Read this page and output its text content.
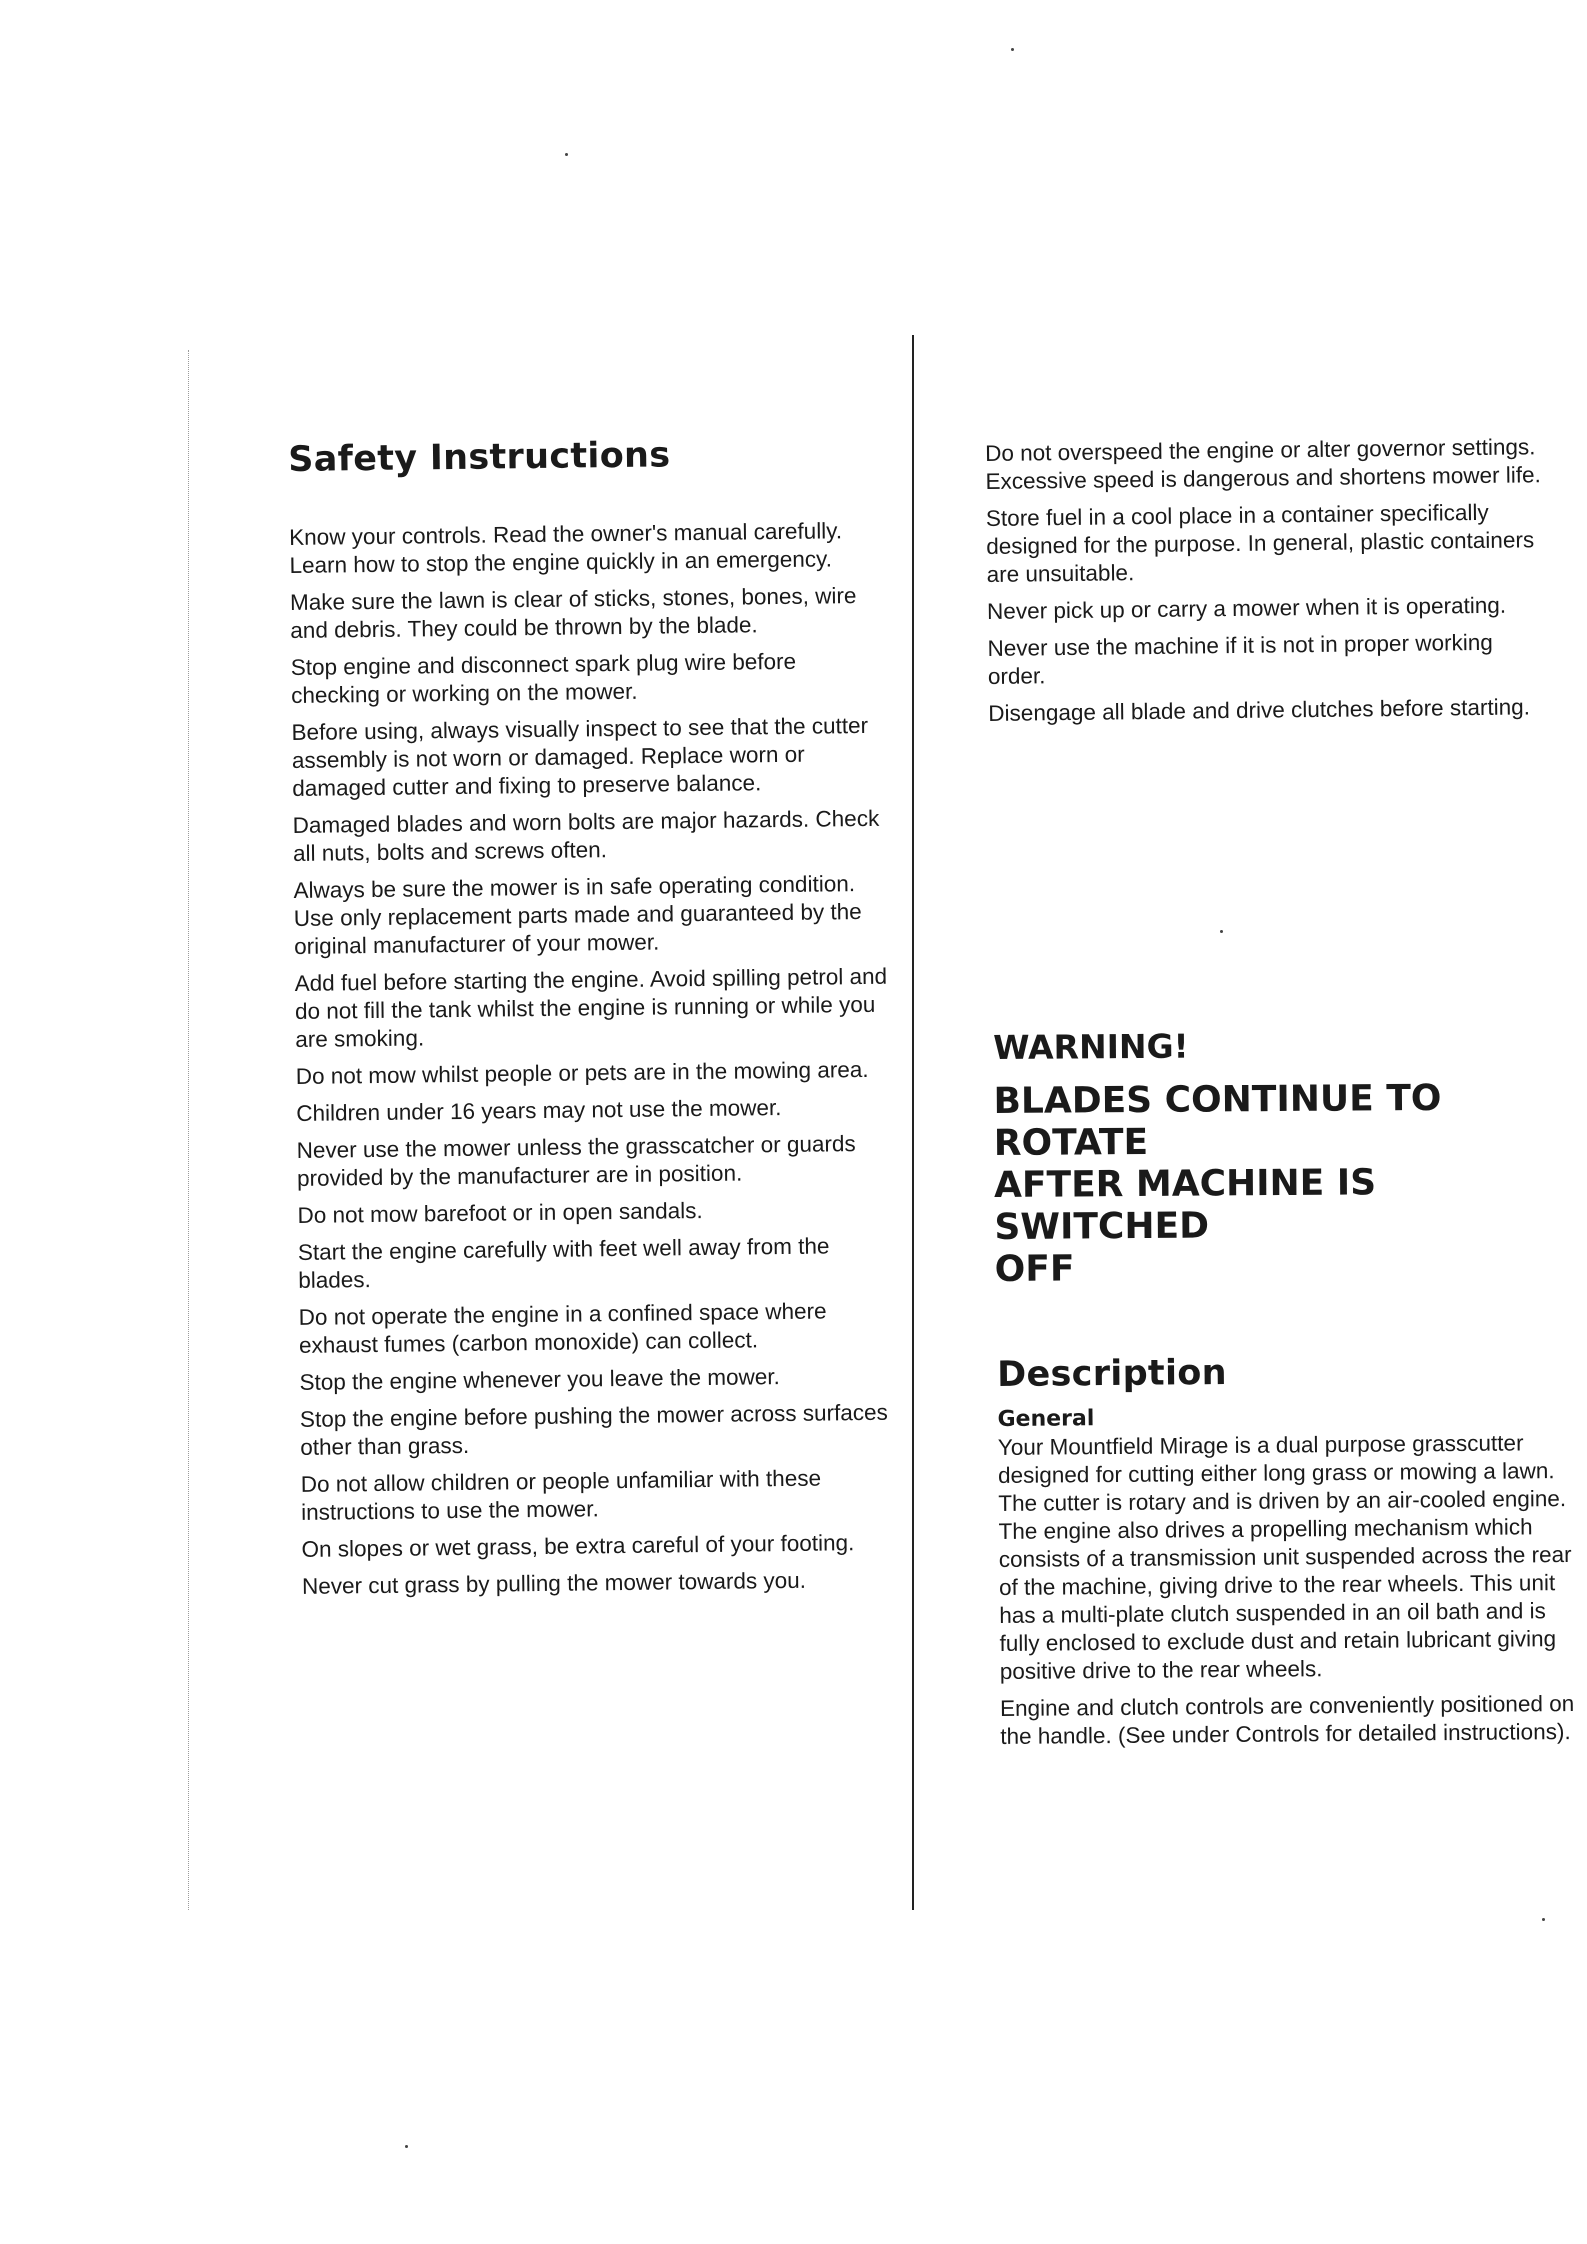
Safety Instructions

Know your controls. Read the owner's manual carefully. Learn how to stop the engine quickly in an emergency.

Make sure the lawn is clear of sticks, stones, bones, wire and debris. They could be thrown by the blade.

Stop engine and disconnect spark plug wire before checking or working on the mower.

Before using, always visually inspect to see that the cutter assembly is not worn or damaged. Replace worn or damaged cutter and fixing to preserve balance.

Damaged blades and worn bolts are major hazards. Check all nuts, bolts and screws often.

Always be sure the mower is in safe operating condition. Use only replacement parts made and guaranteed by the original manufacturer of your mower.

Add fuel before starting the engine. Avoid spilling petrol and do not fill the tank whilst the engine is running or while you are smoking.

Do not mow whilst people or pets are in the mowing area.

Children under 16 years may not use the mower.

Never use the mower unless the grasscatcher or guards provided by the manufacturer are in position.

Do not mow barefoot or in open sandals.

Start the engine carefully with feet well away from the blades.

Do not operate the engine in a confined space where exhaust fumes (carbon monoxide) can collect.

Stop the engine whenever you leave the mower.

Stop the engine before pushing the mower across surfaces other than grass.

Do not allow children or people unfamiliar with these instructions to use the mower.

On slopes or wet grass, be extra careful of your footing.

Never cut grass by pulling the mower towards you.

Do not overspeed the engine or alter governor settings. Excessive speed is dangerous and shortens mower life.

Store fuel in a cool place in a container specifically designed for the purpose. In general, plastic containers are unsuitable.

Never pick up or carry a mower when it is operating.

Never use the machine if it is not in proper working order.

Disengage all blade and drive clutches before starting.

WARNING!
BLADES CONTINUE TO ROTATE
AFTER MACHINE IS SWITCHED
OFF
Description
General

Your Mountfield Mirage is a dual purpose grasscutter designed for cutting either long grass or mowing a lawn. The cutter is rotary and is driven by an air-cooled engine. The engine also drives a propelling mechanism which consists of a transmission unit suspended across the rear of the machine, giving drive to the rear wheels. This unit has a multi-plate clutch suspended in an oil bath and is fully enclosed to exclude dust and retain lubricant giving positive drive to the rear wheels.

Engine and clutch controls are conveniently positioned on the handle. (See under Controls for detailed instructions).
